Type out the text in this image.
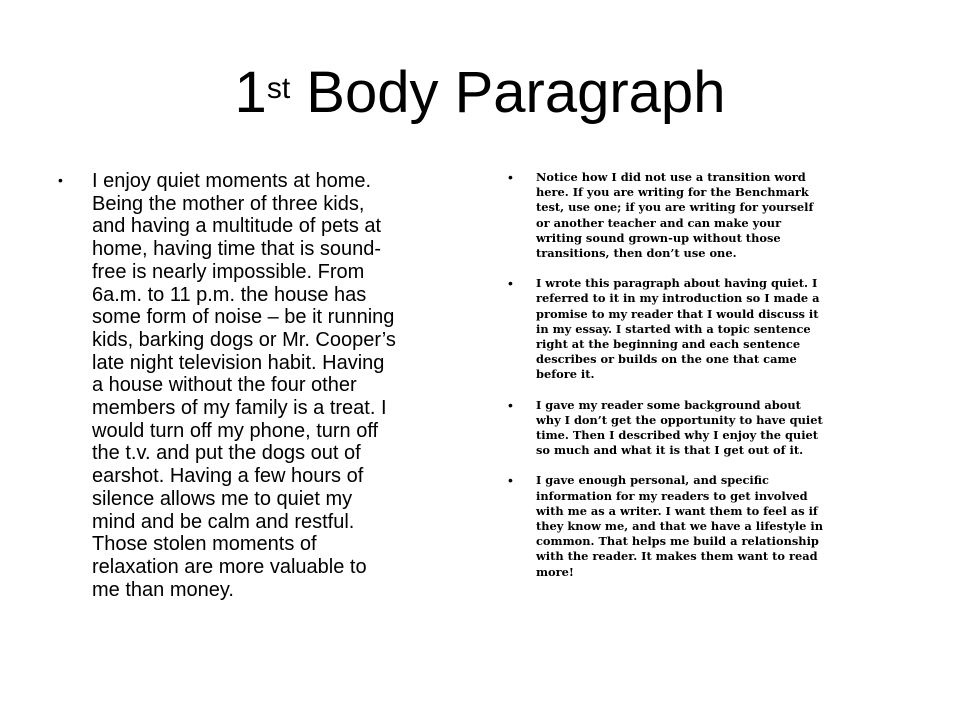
1st Body Paragraph
• I enjoy quiet moments at home.
Being the mother of three kids,
and having a multitude of pets at
home, having time that is sound-
free is nearly impossible. From
6a.m. to 11 p.m. the house has
some form of noise – be it running
kids, barking dogs or Mr. Cooper’s
late night television habit. Having
a house without the four other
members of my family is a treat. I
would turn off my phone, turn off
the t.v. and put the dogs out of
earshot. Having a few hours of
silence allows me to quiet my
mind and be calm and restful.
Those stolen moments of
relaxation are more valuable to
me than money.

• Notice how I did not use a transition word
here. If you are writing for the Benchmark
test, use one; if you are writing for yourself
or another teacher and can make your
writing sound grown-up without those
transitions, then don’t use one.
• I wrote this paragraph about having quiet. I
referred to it in my introduction so I made a
promise to my reader that I would discuss it
in my essay. I started with a topic sentence
right at the beginning and each sentence
describes or builds on the one that came
before it.
• I gave my reader some background about
why I don’t get the opportunity to have quiet
time. Then I described why I enjoy the quiet
so much and what it is that I get out of it.
• I gave enough personal, and specific
information for my readers to get involved
with me as a writer. I want them to feel as if
they know me, and that we have a lifestyle in
common. That helps me build a relationship
with the reader. It makes them want to read
more!
